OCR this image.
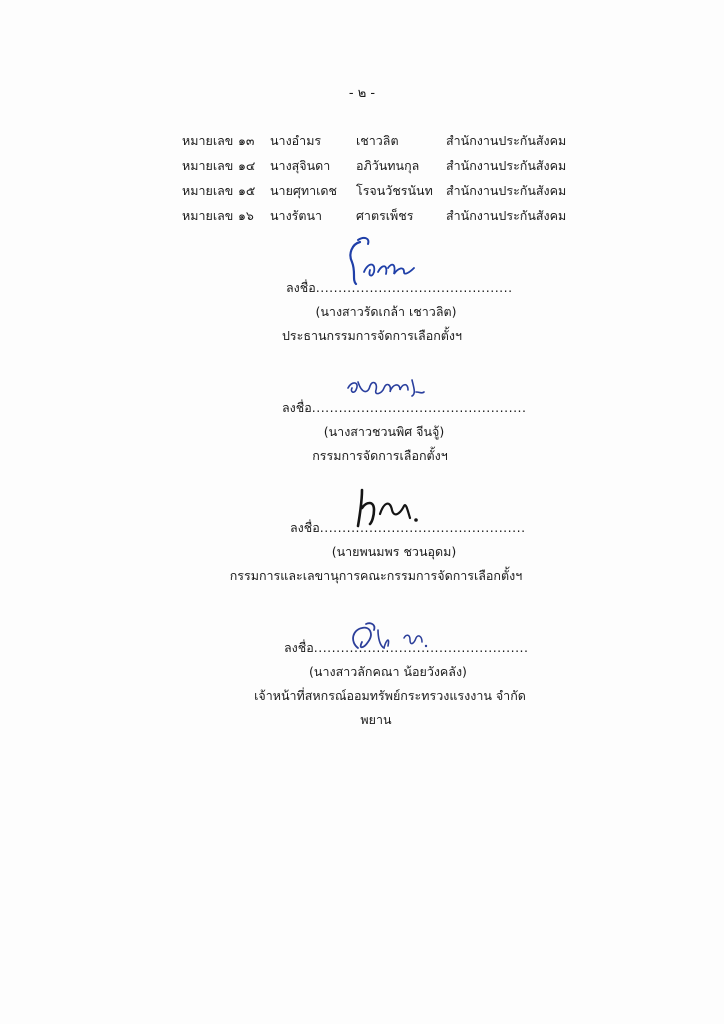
- ๒ -
หมายเลข ๑๓	นางอำมร	เชาวลิต	สำนักงานประกันสังคม
หมายเลข ๑๔	นางสุจินดา	อภิวันทนกุล	สำนักงานประกันสังคม
หมายเลข ๑๕	นายศุทาเดช	โรจนวัชรนันท	สำนักงานประกันสังคม
หมายเลข ๑๖	นางรัตนา	ศาตรเพ็ชร	สำนักงานประกันสังคม
ลงชื่อ............................................
(นางสาวรัดเกล้า เชาวลิต)
ประธานกรรมการจัดการเลือกตั้งฯ
ลงชื่อ................................................
(นางสาวชวนพิศ จีนจู้)
กรรมการจัดการเลือกตั้งฯ
ลงชื่อ..............................................
(นายพนมพร ชวนอุดม)
กรรมการและเลขานุการคณะกรรมการจัดการเลือกตั้งฯ
ลงชื่อ................................................
(นางสาวลักคณา น้อยวังคลัง)
เจ้าหน้าที่สหกรณ์ออมทรัพย์กระทรวงแรงงาน จำกัด
พยาน
